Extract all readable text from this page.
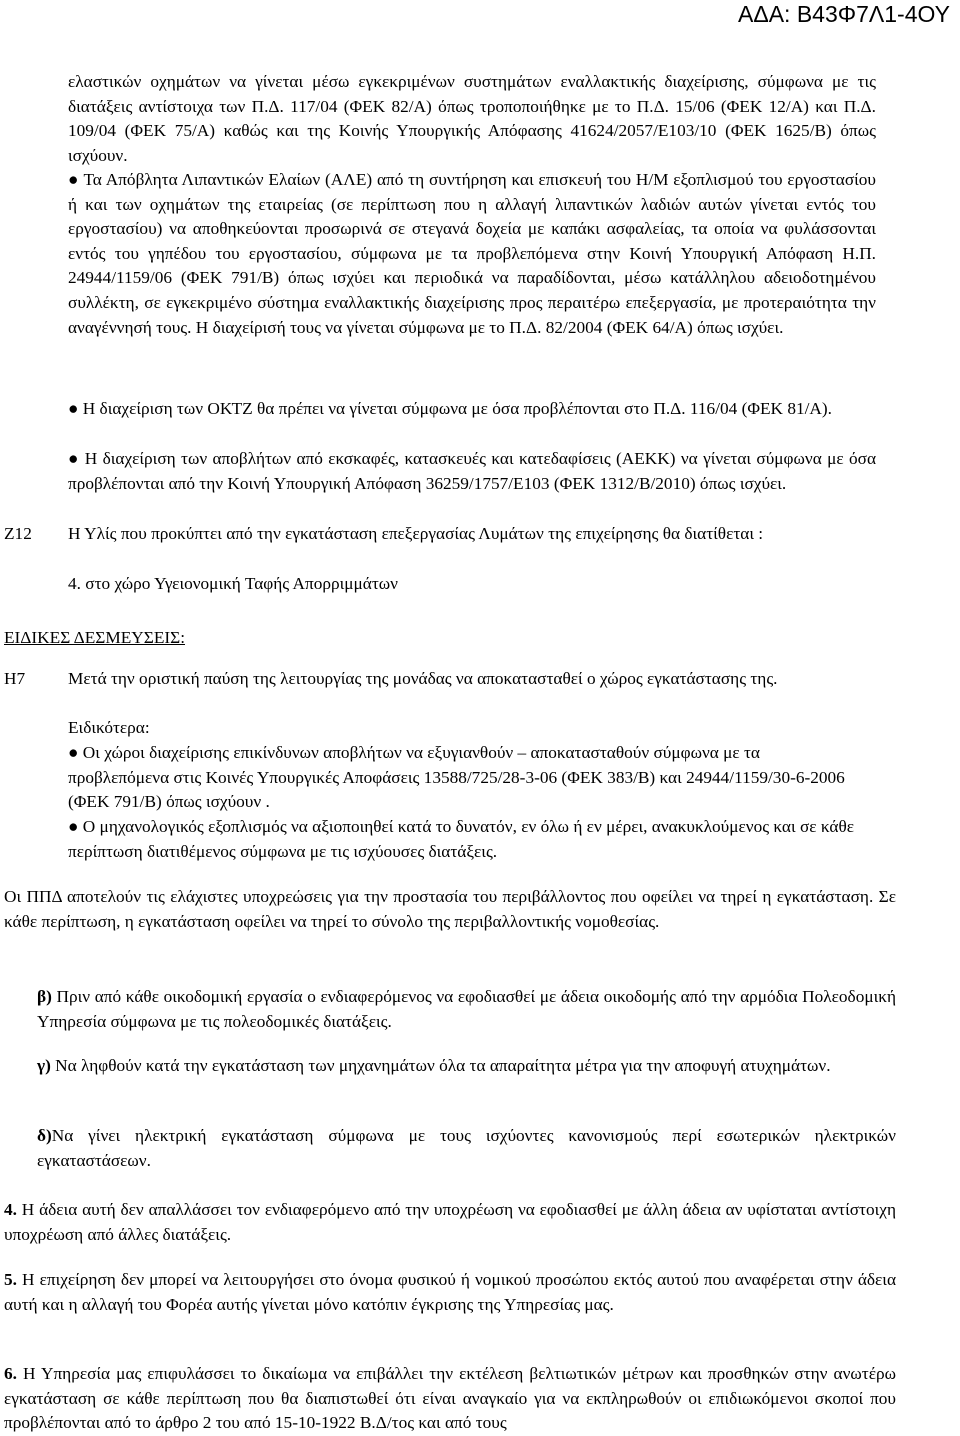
ΑΔΑ: Β43Φ7Λ1-4ΟΥ
ελαστικών οχημάτων να γίνεται μέσω εγκεκριμένων συστημάτων εναλλακτικής διαχείρισης, σύμφωνα με τις διατάξεις αντίστοιχα των Π.Δ. 117/04 (ΦΕΚ 82/Α) όπως τροποποιήθηκε με το Π.Δ. 15/06 (ΦΕΚ 12/Α) και Π.Δ. 109/04 (ΦΕΚ 75/Α) καθώς και της Κοινής Υπουργικής Απόφασης 41624/2057/Ε103/10 (ΦΕΚ 1625/Β) όπως ισχύουν.
● Τα Απόβλητα Λιπαντικών Ελαίων (ΑΛΕ) από τη συντήρηση και επισκευή του Η/Μ εξοπλισμού του εργοστασίου ή και των οχημάτων της εταιρείας (σε περίπτωση που η αλλαγή λιπαντικών λαδιών αυτών γίνεται εντός του εργοστασίου) να αποθηκεύονται προσωρινά σε στεγανά δοχεία με καπάκι ασφαλείας, τα οποία να φυλάσσονται εντός του γηπέδου του εργοστασίου, σύμφωνα με τα προβλεπόμενα στην Κοινή Υπουργική Απόφαση Η.Π. 24944/1159/06 (ΦΕΚ 791/Β) όπως ισχύει και περιοδικά να παραδίδονται, μέσω κατάλληλου αδειοδοτημένου συλλέκτη, σε εγκεκριμένο σύστημα εναλλακτικής διαχείρισης προς περαιτέρω επεξεργασία, με προτεραιότητα την αναγέννησή τους. Η διαχείρισή τους να γίνεται σύμφωνα με το Π.Δ. 82/2004 (ΦΕΚ 64/Α) όπως ισχύει.
● Η διαχείριση των ΟΚΤΖ θα πρέπει να γίνεται σύμφωνα με όσα προβλέπονται στο Π.Δ. 116/04 (ΦΕΚ 81/Α).
● Η διαχείριση των αποβλήτων από εκσκαφές, κατασκευές και κατεδαφίσεις (ΑΕΚΚ) να γίνεται σύμφωνα με όσα προβλέπονται από την Κοινή Υπουργική Απόφαση 36259/1757/Ε103 (ΦΕΚ 1312/Β/2010) όπως ισχύει.
Ζ12 Η Υλίς που προκύπτει από την εγκατάσταση επεξεργασίας Λυμάτων της επιχείρησης θα διατίθεται :
4. στο χώρο Υγειονομική Ταφής Απορριμμάτων
ΕΙΔΙΚΕΣ ΔΕΣΜΕΥΣΕΙΣ:
Η7 Μετά την οριστική παύση της λειτουργίας της μονάδας να αποκατασταθεί ο χώρος εγκατάστασης της.
Ειδικότερα:
● Οι χώροι διαχείρισης επικίνδυνων αποβλήτων να εξυγιανθούν – αποκατασταθούν σύμφωνα με τα προβλεπόμενα στις Κοινές Υπουργικές Αποφάσεις 13588/725/28-3-06 (ΦΕΚ 383/Β) και 24944/1159/30-6-2006 (ΦΕΚ 791/Β) όπως ισχύουν .
● Ο μηχανολογικός εξοπλισμός να αξιοποιηθεί κατά το δυνατόν, εν όλω ή εν μέρει, ανακυκλούμενος και σε κάθε περίπτωση διατιθέμενος σύμφωνα με τις ισχύουσες διατάξεις.
Οι ΠΠΔ αποτελούν τις ελάχιστες υποχρεώσεις για την προστασία του περιβάλλοντος που οφείλει να τηρεί η εγκατάσταση. Σε κάθε περίπτωση, η εγκατάσταση οφείλει να τηρεί το σύνολο της περιβαλλοντικής νομοθεσίας.
β) Πριν από κάθε οικοδομική εργασία ο ενδιαφερόμενος να εφοδιασθεί με άδεια οικοδομής από την αρμόδια Πολεοδομική Υπηρεσία σύμφωνα με τις πολεοδομικές διατάξεις.
γ) Να ληφθούν κατά την εγκατάσταση των μηχανημάτων όλα τα απαραίτητα μέτρα για την αποφυγή ατυχημάτων.
δ)Να γίνει ηλεκτρική εγκατάσταση σύμφωνα με τους ισχύοντες κανονισμούς περί εσωτερικών ηλεκτρικών εγκαταστάσεων.
4. Η άδεια αυτή δεν απαλλάσσει τον ενδιαφερόμενο από την υποχρέωση να εφοδιασθεί με άλλη άδεια αν υφίσταται αντίστοιχη υποχρέωση από άλλες διατάξεις.
5. Η επιχείρηση δεν μπορεί να λειτουργήσει στο όνομα φυσικού ή νομικού προσώπου εκτός αυτού που αναφέρεται στην άδεια αυτή και η αλλαγή του Φορέα αυτής γίνεται μόνο κατόπιν έγκρισης της Υπηρεσίας μας.
6. Η Υπηρεσία μας επιφυλάσσει το δικαίωμα να επιβάλλει την εκτέλεση βελτιωτικών μέτρων και προσθηκών στην ανωτέρω εγκατάσταση σε κάθε περίπτωση που θα διαπιστωθεί ότι είναι αναγκαίο για να εκπληρωθούν οι επιδιωκόμενοι σκοποί που προβλέπονται από το άρθρο 2 του από 15-10-1922 Β.Δ/τος και από τους
